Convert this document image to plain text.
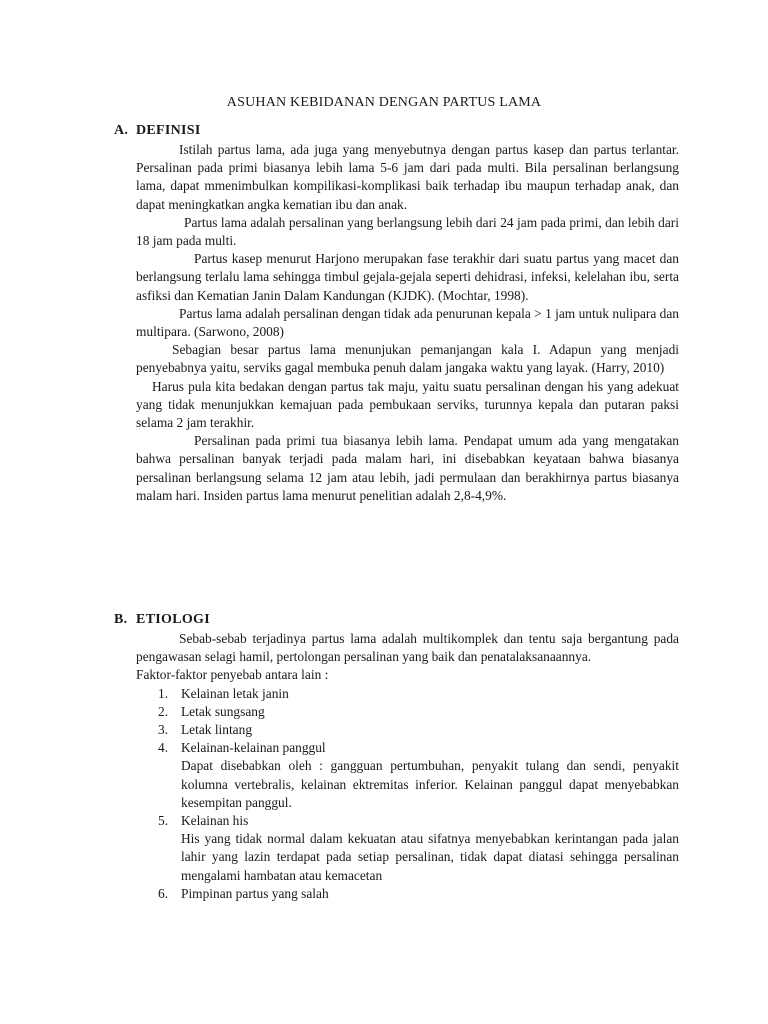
ASUHAN KEBIDANAN DENGAN PARTUS LAMA
A. DEFINISI

Istilah partus lama, ada juga yang menyebutnya dengan partus kasep dan partus terlantar. Persalinan pada primi biasanya lebih lama 5-6 jam dari pada multi. Bila persalinan berlangsung lama, dapat mmenimbulkan kompilikasi-komplikasi baik terhadap ibu maupun terhadap anak, dan dapat meningkatkan angka kematian ibu dan anak.

Partus lama adalah persalinan yang berlangsung lebih dari 24 jam pada primi, dan lebih dari 18 jam pada multi.

Partus kasep menurut Harjono merupakan fase terakhir dari suatu partus yang macet dan berlangsung terlalu lama sehingga timbul gejala-gejala seperti dehidrasi, infeksi, kelelahan ibu, serta asfiksi dan Kematian Janin Dalam Kandungan (KJDK). (Mochtar, 1998).

Partus lama adalah persalinan dengan tidak ada penurunan kepala > 1 jam untuk nulipara dan multipara. (Sarwono, 2008)

Sebagian besar partus lama menunjukan pemanjangan kala I. Adapun yang menjadi penyebabnya yaitu, serviks gagal membuka penuh dalam jangaka waktu yang layak. (Harry, 2010)

Harus pula kita bedakan dengan partus tak maju, yaitu suatu persalinan dengan his yang adekuat yang tidak menunjukkan kemajuan pada pembukaan serviks, turunnya kepala dan putaran paksi selama 2 jam terakhir.

Persalinan pada primi tua biasanya lebih lama. Pendapat umum ada yang mengatakan bahwa persalinan banyak terjadi pada malam hari, ini disebabkan keyataan bahwa biasanya persalinan berlangsung selama 12 jam atau lebih, jadi permulaan dan berakhirnya partus biasanya malam hari. Insiden partus lama menurut penelitian adalah 2,8-4,9%.

B. ETIOLOGI

Sebab-sebab terjadinya partus lama adalah multikomplek dan tentu saja bergantung pada pengawasan selagi hamil, pertolongan persalinan yang baik dan penatalaksanaannya.

Faktor-faktor penyebab antara lain :

1. Kelainan letak janin
2. Letak sungsang
3. Letak lintang
4. Kelainan-kelainan panggul

Dapat disebabkan oleh : gangguan pertumbuhan, penyakit tulang dan sendi, penyakit kolumna vertebralis, kelainan ektremitas inferior. Kelainan panggul dapat menyebabkan kesempitan panggul.

5. Kelainan his

His yang tidak normal dalam kekuatan atau sifatnya menyebabkan kerintangan pada jalan lahir yang lazin terdapat pada setiap persalinan, tidak dapat diatasi sehingga persalinan mengalami hambatan atau kemacetan

6. Pimpinan partus yang salah
